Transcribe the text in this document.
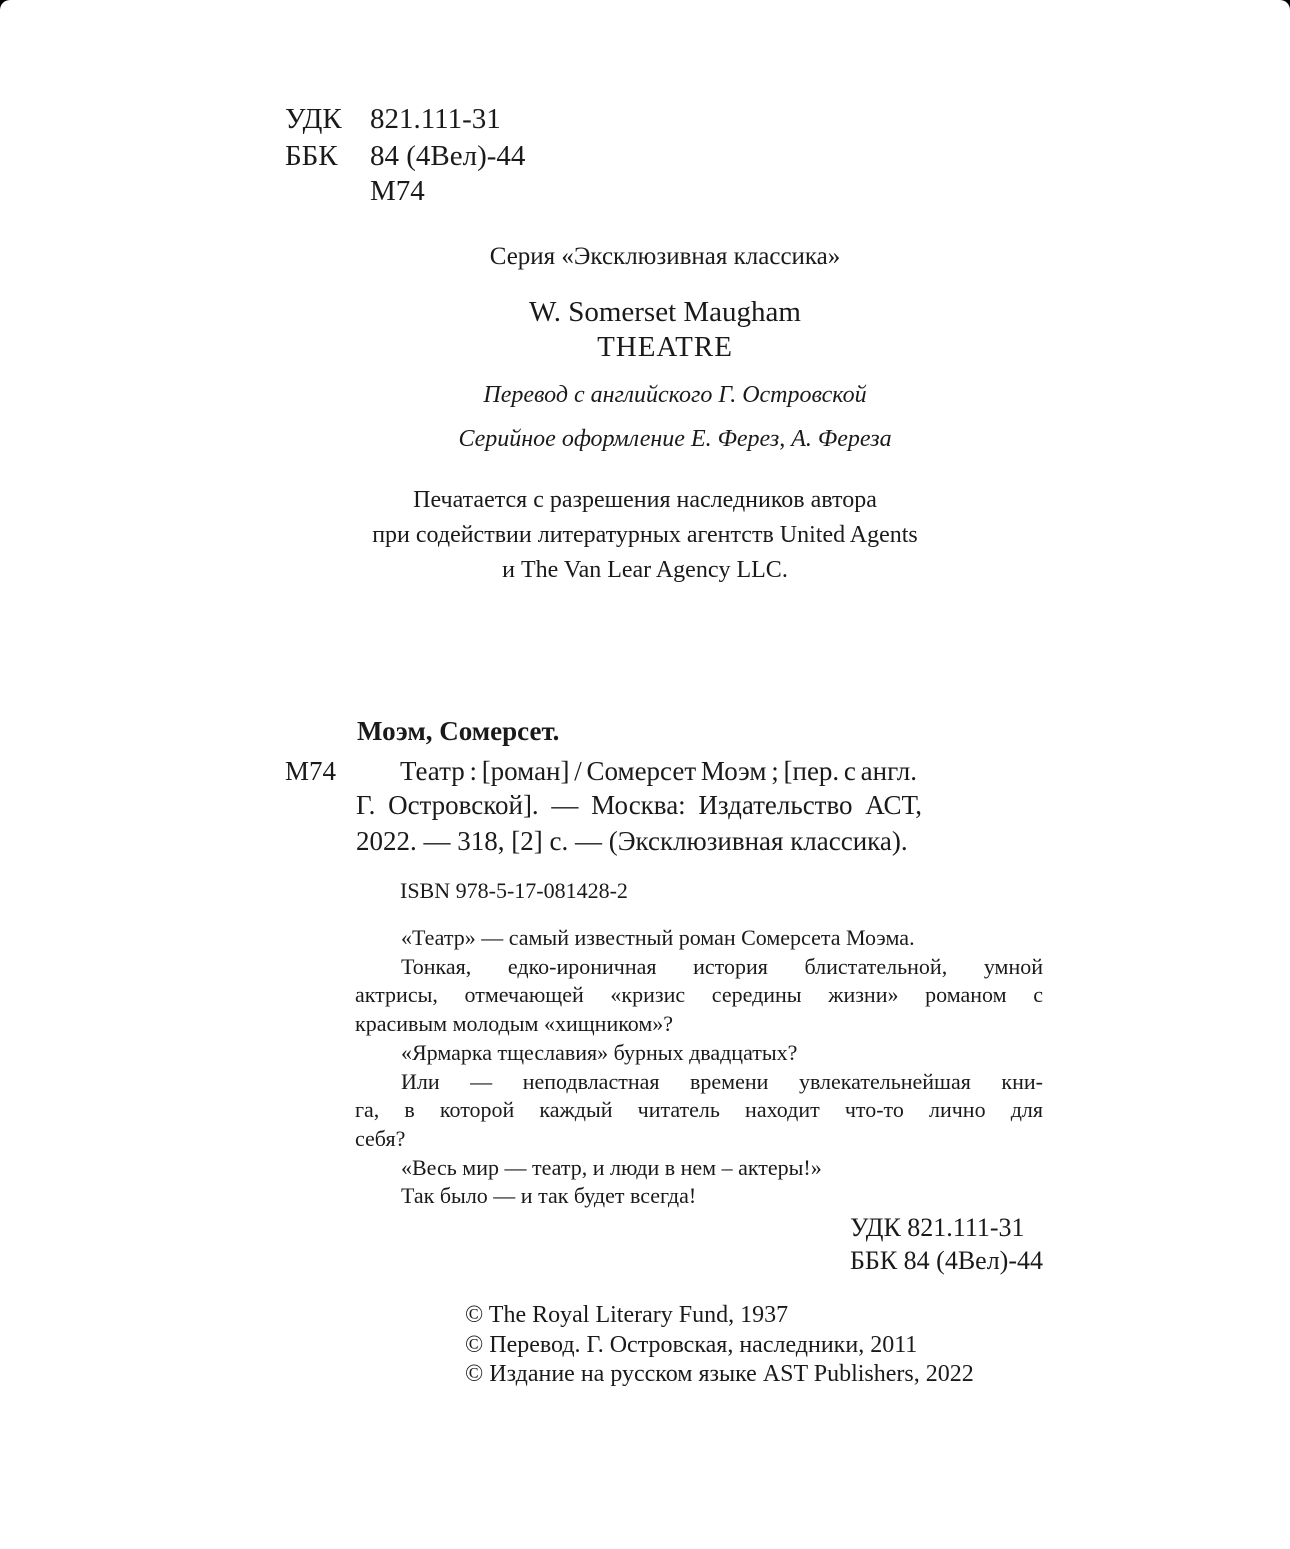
УДК 821.111-31
ББК 84 (4Вел)-44
М74
Серия «Эксклюзивная классика»
W. Somerset Maugham
THEATRE
Перевод с английского Г. Островской
Серийное оформление Е. Ферез, А. Фереза
Печатается с разрешения наследников автора
при содействии литературных агентств United Agents
и The Van Lear Agency LLC.
Моэм, Сомерсет.
М74 Театр : [роман] / Сомерсет Моэм ; [пер. с англ.
Г. Островской]. — Москва: Издательство АСТ,
2022. — 318, [2] с. — (Эксклюзивная классика).
ISBN 978-5-17-081428-2

«Театр» — самый известный роман Сомерсета Моэма.

Тонкая, едко-ироничная история блистательной, умной

актрисы, отмечающей «кризис середины жизни» романом с

красивым молодым «хищником»?

«Ярмарка тщеславия» бурных двадцатых?

Или — неподвластная времени увлекательнейшая кни-

га, в которой каждый читатель находит что-то лично для

себя?

«Весь мир — театр, и люди в нем – актеры!»

Так было — и так будет всегда!

УДК 821.111-31
ББК 84 (4Вел)-44
© The Royal Literary Fund, 1937
© Перевод. Г. Островская, наследники, 2011
© Издание на русском языке AST Publishers, 2022
